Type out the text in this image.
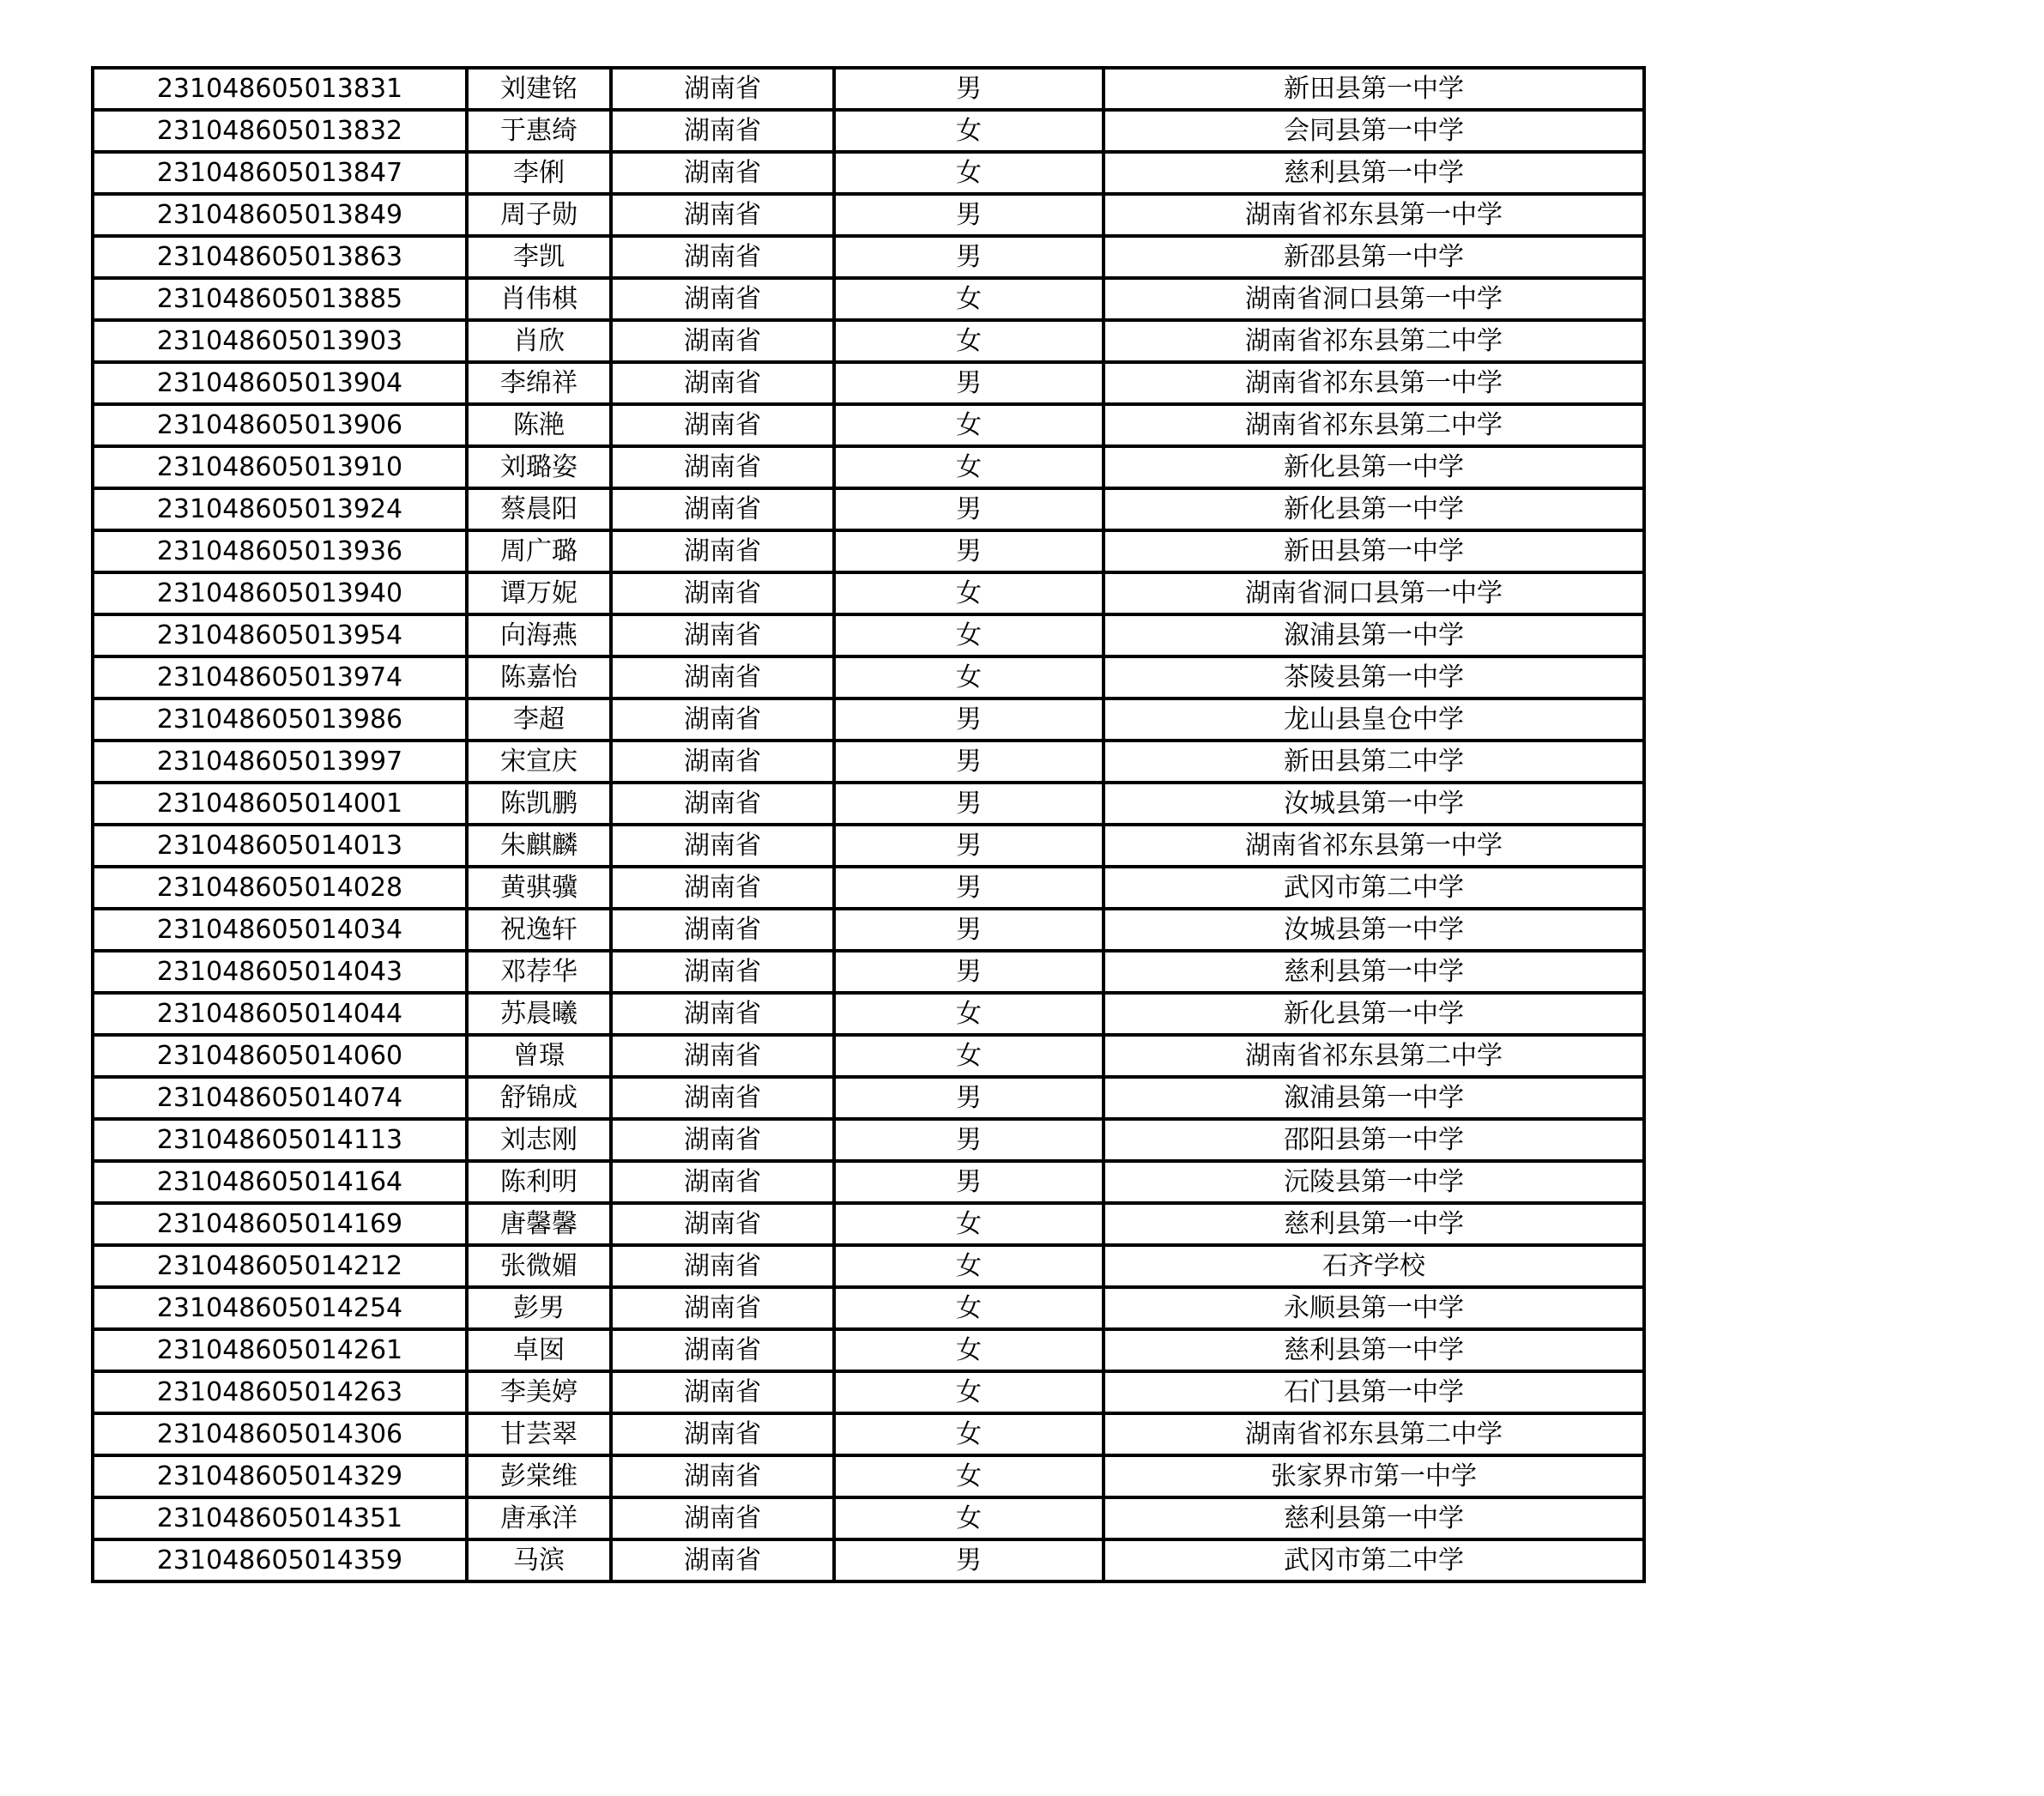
231048605013831	刘建铭	湖南省	男	新田县第一中学
231048605013832	于惠绮	湖南省	女	会同县第一中学
231048605013847	李俐	湖南省	女	慈利县第一中学
231048605013849	周子勋	湖南省	男	湖南省祁东县第一中学
231048605013863	李凯	湖南省	男	新邵县第一中学
231048605013885	肖伟棋	湖南省	女	湖南省洞口县第一中学
231048605013903	肖欣	湖南省	女	湖南省祁东县第二中学
231048605013904	李绵祥	湖南省	男	湖南省祁东县第一中学
231048605013906	陈滟	湖南省	女	湖南省祁东县第二中学
231048605013910	刘璐姿	湖南省	女	新化县第一中学
231048605013924	蔡晨阳	湖南省	男	新化县第一中学
231048605013936	周广璐	湖南省	男	新田县第一中学
231048605013940	谭万妮	湖南省	女	湖南省洞口县第一中学
231048605013954	向海燕	湖南省	女	溆浦县第一中学
231048605013974	陈嘉怡	湖南省	女	茶陵县第一中学
231048605013986	李超	湖南省	男	龙山县皇仓中学
231048605013997	宋宣庆	湖南省	男	新田县第二中学
231048605014001	陈凯鹏	湖南省	男	汝城县第一中学
231048605014013	朱麒麟	湖南省	男	湖南省祁东县第一中学
231048605014028	黄骐骥	湖南省	男	武冈市第二中学
231048605014034	祝逸轩	湖南省	男	汝城县第一中学
231048605014043	邓荐华	湖南省	男	慈利县第一中学
231048605014044	苏晨曦	湖南省	女	新化县第一中学
231048605014060	曾璟	湖南省	女	湖南省祁东县第二中学
231048605014074	舒锦成	湖南省	男	溆浦县第一中学
231048605014113	刘志刚	湖南省	男	邵阳县第一中学
231048605014164	陈利明	湖南省	男	沅陵县第一中学
231048605014169	唐馨馨	湖南省	女	慈利县第一中学
231048605014212	张微媚	湖南省	女	石齐学校
231048605014254	彭男	湖南省	女	永顺县第一中学
231048605014261	卓囡	湖南省	女	慈利县第一中学
231048605014263	李美婷	湖南省	女	石门县第一中学
231048605014306	甘芸翠	湖南省	女	湖南省祁东县第二中学
231048605014329	彭棠维	湖南省	女	张家界市第一中学
231048605014351	唐承洋	湖南省	女	慈利县第一中学
231048605014359	马滨	湖南省	男	武冈市第二中学
